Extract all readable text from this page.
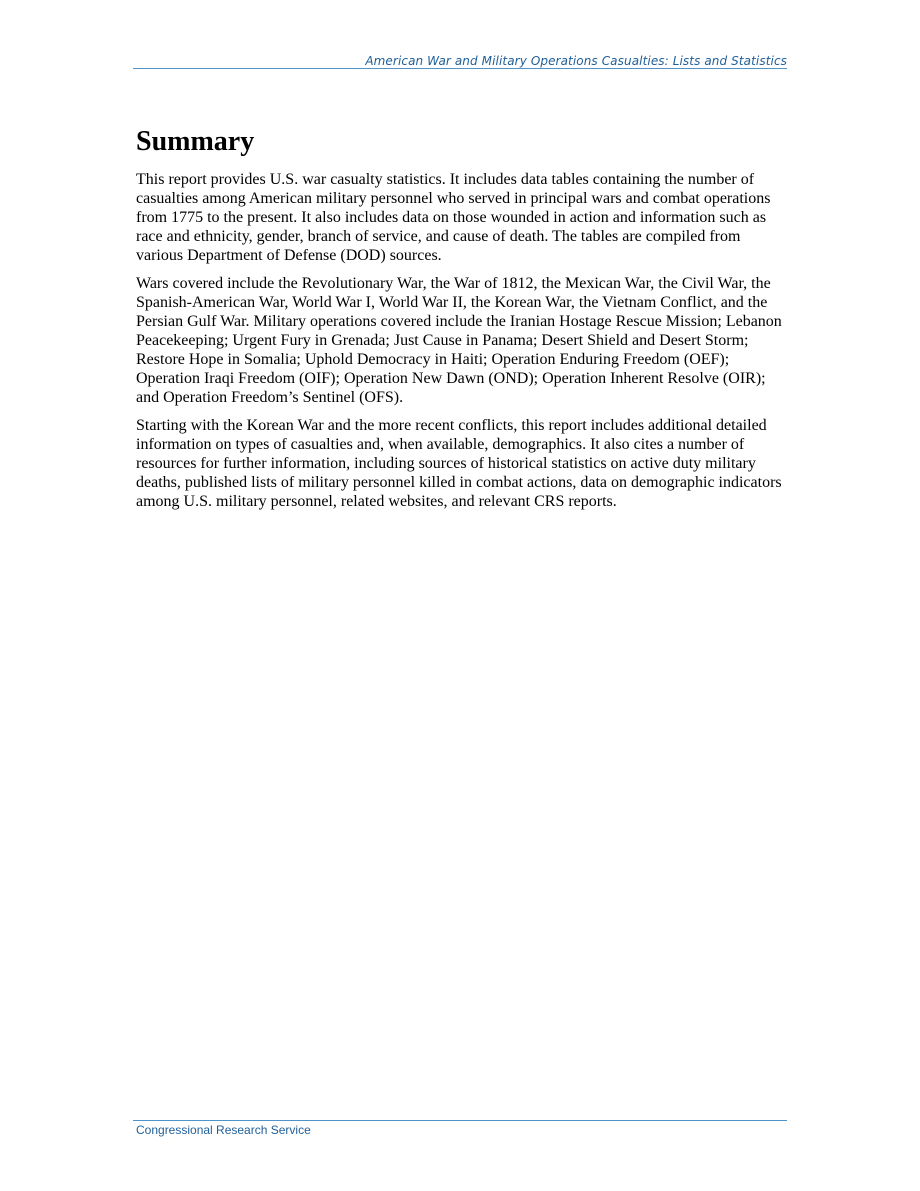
American War and Military Operations Casualties: Lists and Statistics
Summary

This report provides U.S. war casualty statistics. It includes data tables containing the number of casualties among American military personnel who served in principal wars and combat operations from 1775 to the present. It also includes data on those wounded in action and information such as race and ethnicity, gender, branch of service, and cause of death. The tables are compiled from various Department of Defense (DOD) sources.

Wars covered include the Revolutionary War, the War of 1812, the Mexican War, the Civil War, the Spanish-American War, World War I, World War II, the Korean War, the Vietnam Conflict, and the Persian Gulf War. Military operations covered include the Iranian Hostage Rescue Mission; Lebanon Peacekeeping; Urgent Fury in Grenada; Just Cause in Panama; Desert Shield and Desert Storm; Restore Hope in Somalia; Uphold Democracy in Haiti; Operation Enduring Freedom (OEF); Operation Iraqi Freedom (OIF); Operation New Dawn (OND); Operation Inherent Resolve (OIR); and Operation Freedom’s Sentinel (OFS).

Starting with the Korean War and the more recent conflicts, this report includes additional detailed information on types of casualties and, when available, demographics. It also cites a number of resources for further information, including sources of historical statistics on active duty military deaths, published lists of military personnel killed in combat actions, data on demographic indicators among U.S. military personnel, related websites, and relevant CRS reports.

Congressional Research Service
